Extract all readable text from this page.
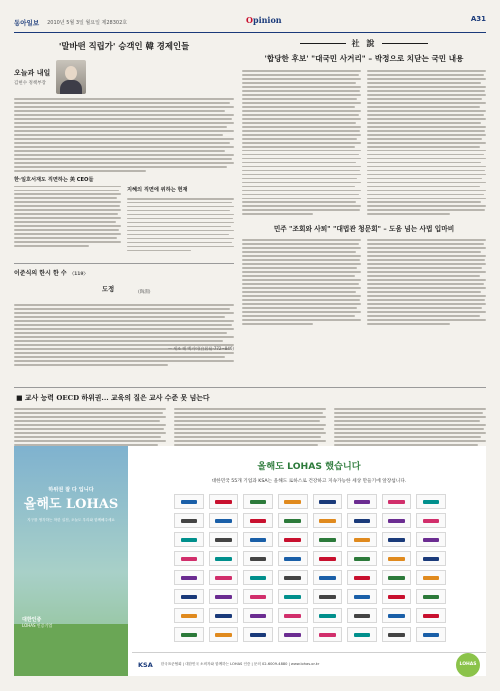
동아일보 2010년 5월 3일 월요일 제28302호	Opinion	A31
'말바떤 직립가' 승객인 韓 경제인들
오늘과 내일
김현수 정책부장
한·일호서재도 직면하는 美 CEO들
지혜의 직면에 위하는 현재
이준식의 한시 한 수 〈119〉
도정	(陶淵)
— 세조 해 백거이(白居易·772~846)
社 說
'합당한 후보' "대국민 사거리" – 박정으로 치닫는 국민 내용
민주 "조회와 사퇴" "대법관 청문회" – 도움 넘는 사법 입마비
■ 교사 능력 OECD 하위권... 교육의 질은 교사 수준 못 넘는다
하위권 잘 다 입니다
올해도 LOHAS
지구를 생각하는 착한 실천, 오늘도 우리와 함께해주세요
대한인증
LOHAS 인증기업
올해도 LOHAS 했습니다
대한민국 55개 기업과 KSA는 올해도 로하스로 건강하고 지속가능한 세상 만들기에 앞장섭니다.
KSA 한국표준협회 | 대한민국 소비자와 함께하는 LOHAS 인증 | 문의 02-6009-4880 | www.lohas.or.kr	LOHAS
